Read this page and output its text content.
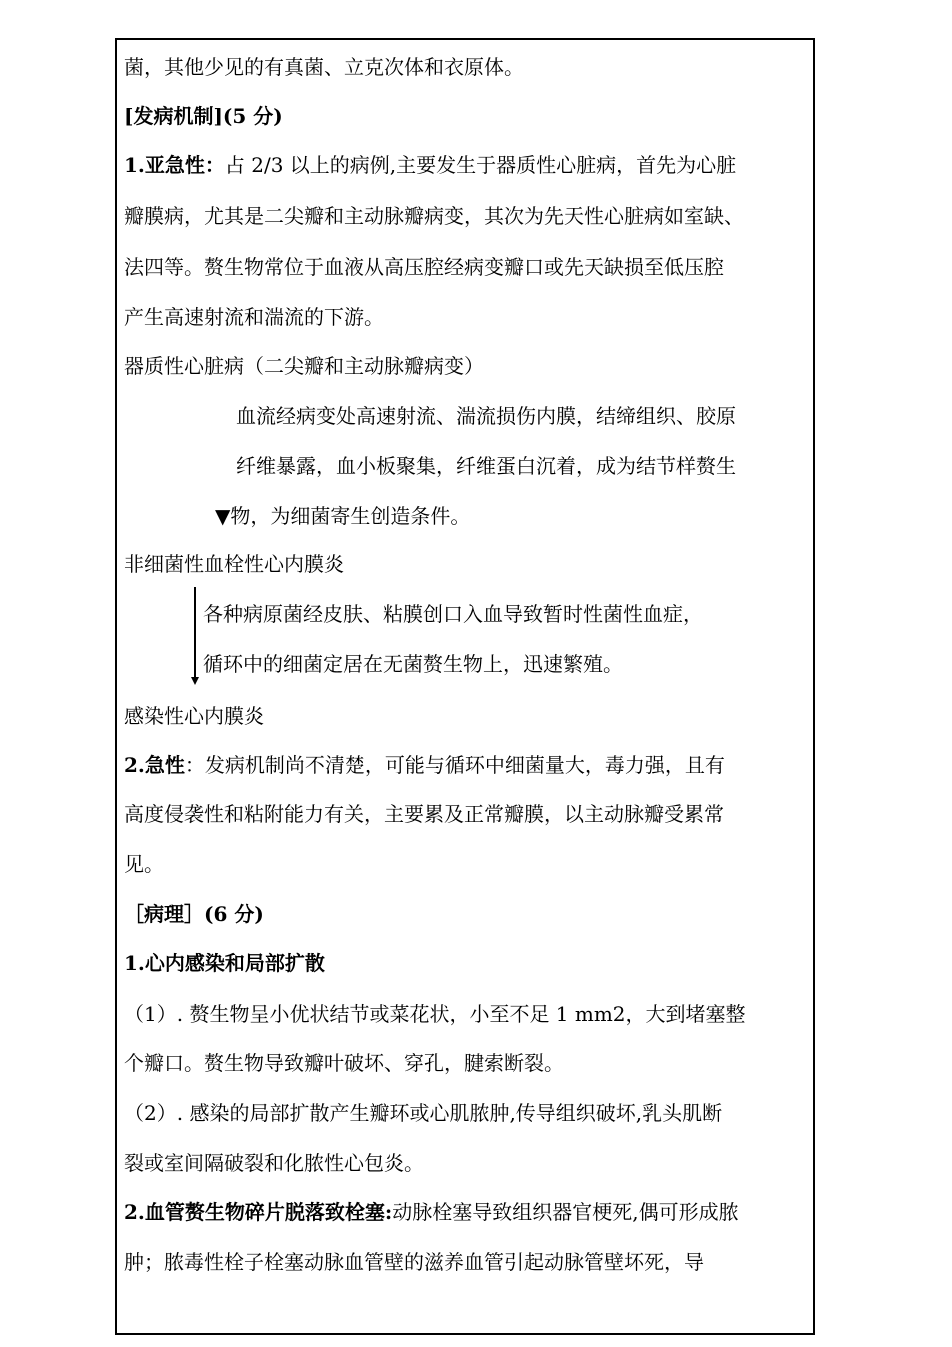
菌，其他少见的有真菌、立克次体和衣原体。
[发病机制](5 分)
1.亚急性：占 2/3 以上的病例,主要发生于器质性心脏病，首先为心脏
瓣膜病，尤其是二尖瓣和主动脉瓣病变，其次为先天性心脏病如室缺、
法四等。赘生物常位于血液从高压腔经病变瓣口或先天缺损至低压腔
产生高速射流和湍流的下游。
器质性心脏病（二尖瓣和主动脉瓣病变）
血流经病变处高速射流、湍流损伤内膜，结缔组织、胶原
纤维暴露，血小板聚集，纤维蛋白沉着，成为结节样赘生
▼物，为细菌寄生创造条件。
非细菌性血栓性心内膜炎
各种病原菌经皮肤、粘膜创口入血导致暂时性菌性血症，
循环中的细菌定居在无菌赘生物上，迅速繁殖。
感染性心内膜炎
2.急性：发病机制尚不清楚，可能与循环中细菌量大，毒力强，且有
高度侵袭性和粘附能力有关，主要累及正常瓣膜，以主动脉瓣受累常
见。
［病理］(6 分)
1.心内感染和局部扩散
（1）. 赘生物呈小优状结节或菜花状，小至不足 1 mm2，大到堵塞整
个瓣口。赘生物导致瓣叶破坏、穿孔，腱索断裂。
（2）. 感染的局部扩散产生瓣环或心肌脓肿,传导组织破坏,乳头肌断
裂或室间隔破裂和化脓性心包炎。
2.血管赘生物碎片脱落致栓塞:动脉栓塞导致组织器官梗死,偶可形成脓
肿；脓毒性栓子栓塞动脉血管壁的滋养血管引起动脉管壁坏死，导
